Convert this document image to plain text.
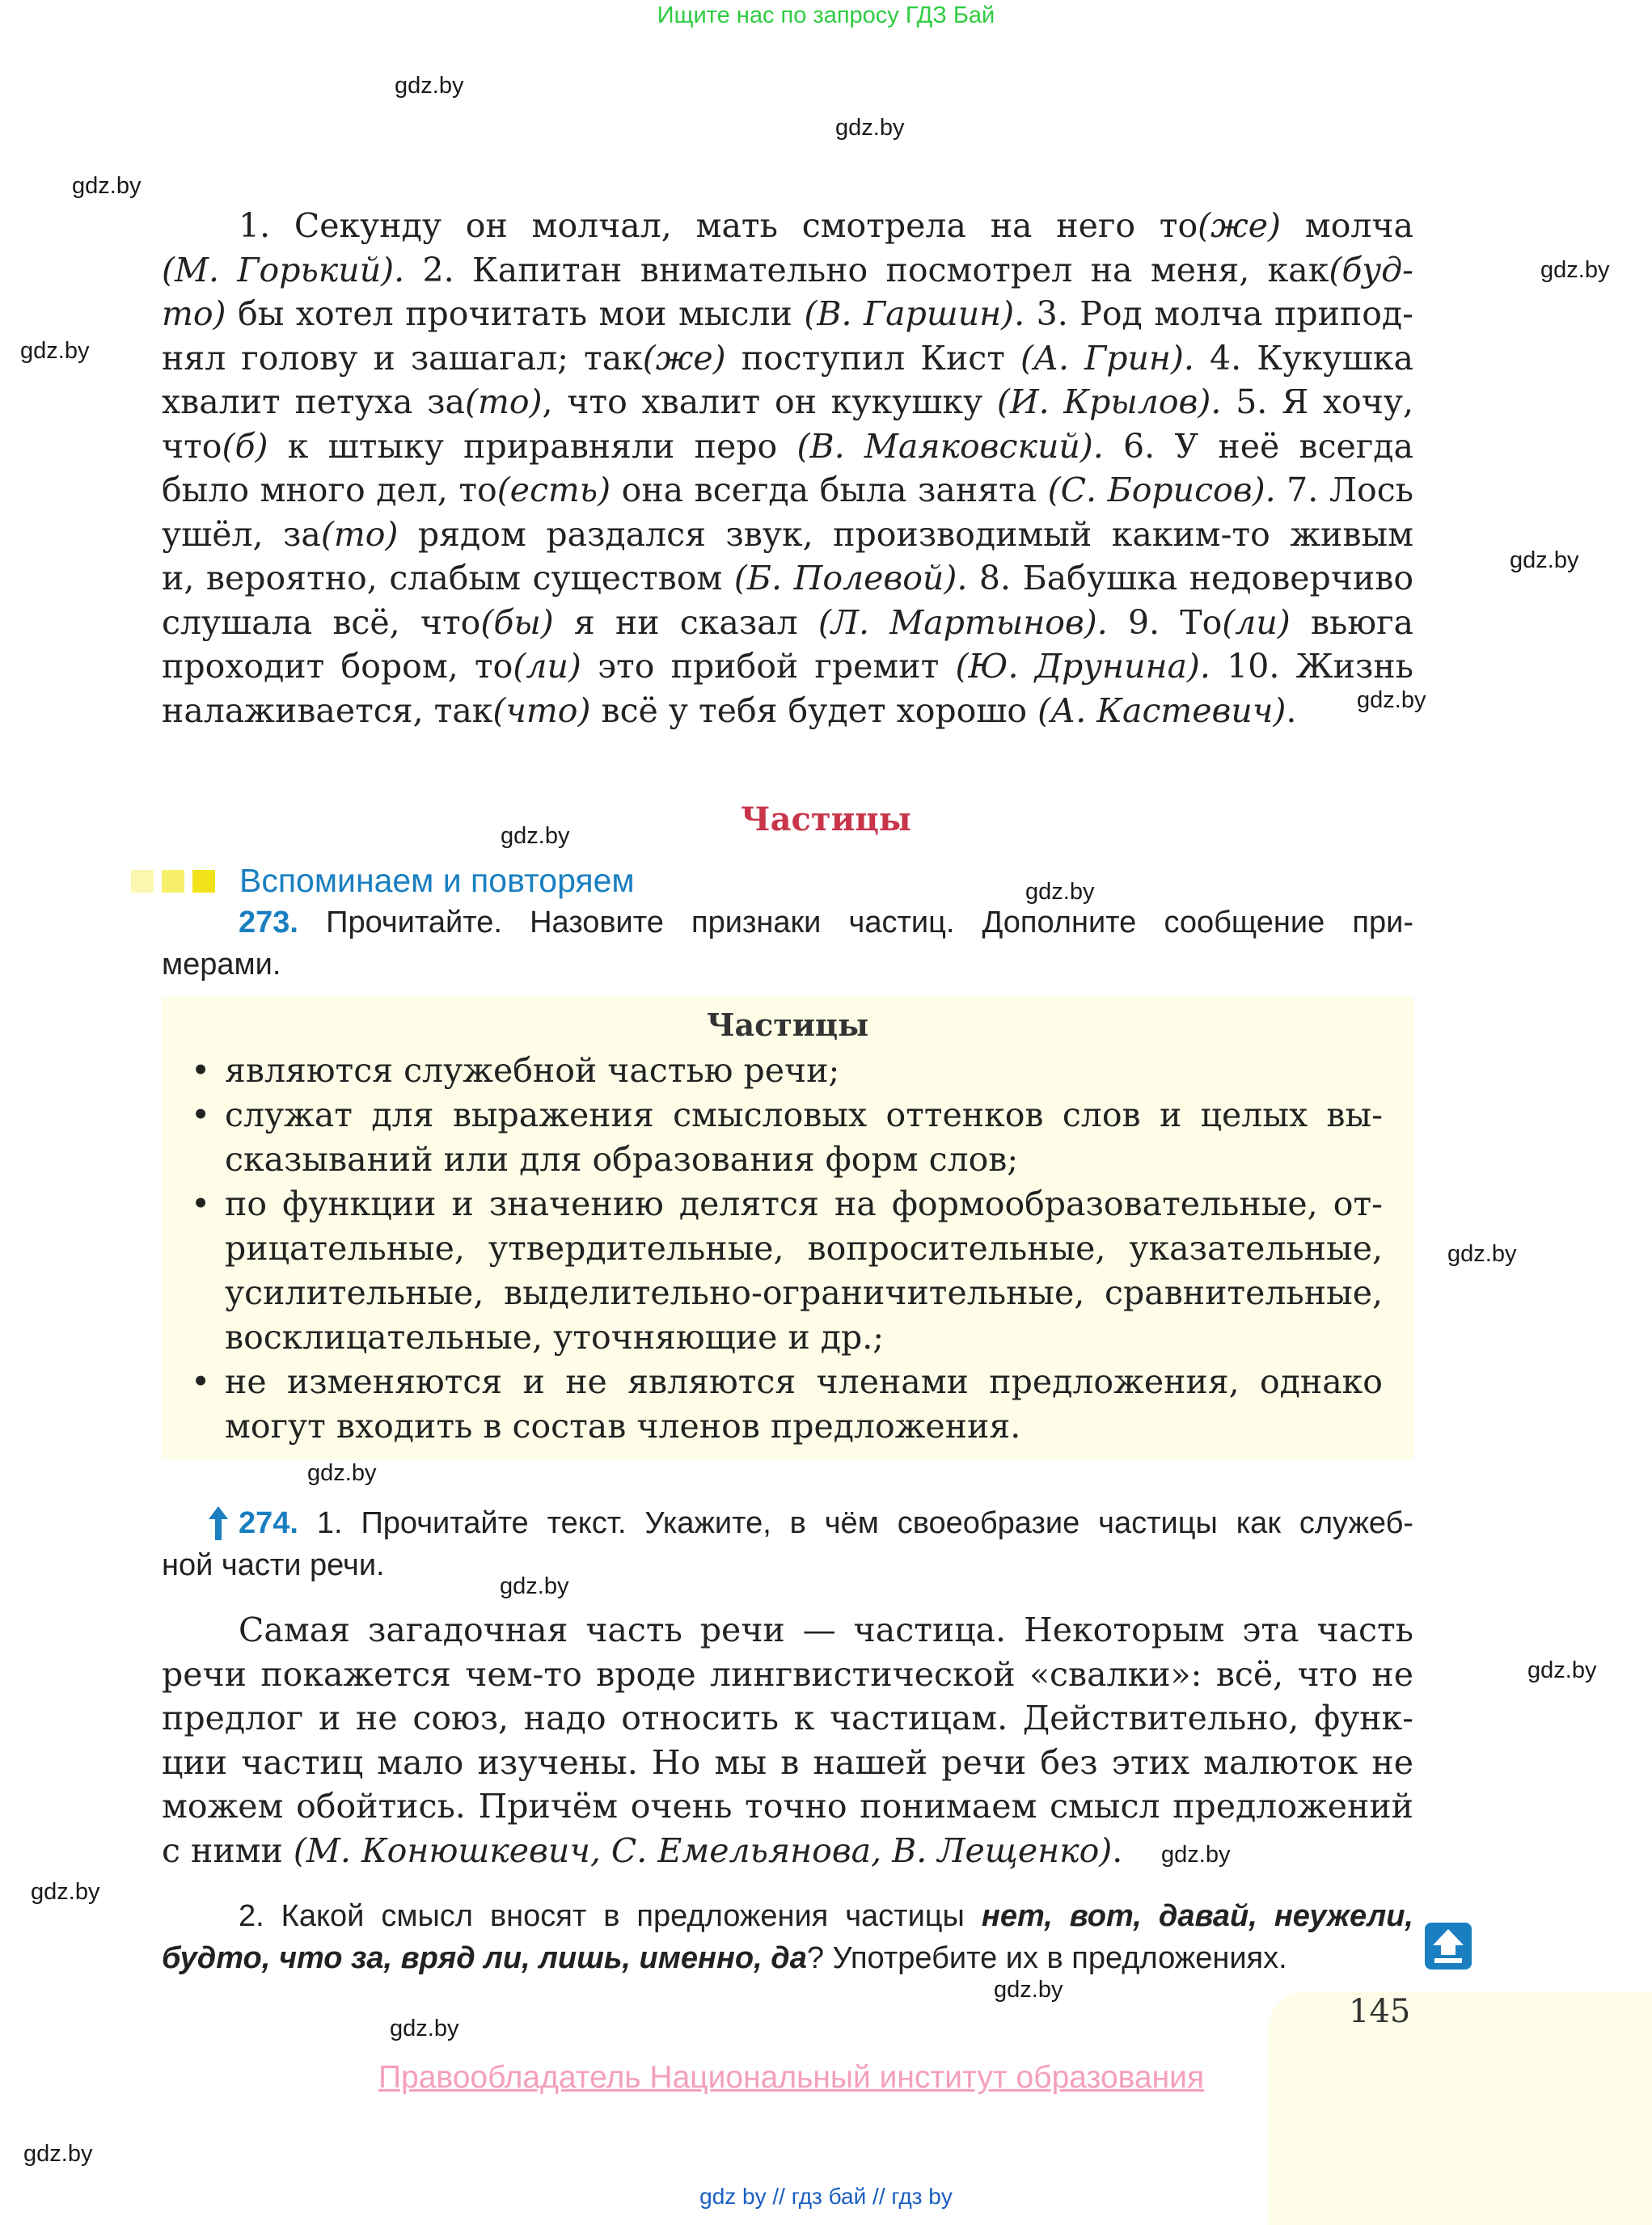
Ищите нас по запросу ГДЗ Бай
gdz.by
gdz.by
gdz.by
gdz.by
gdz.by
gdz.by
gdz.by
gdz.by
gdz.by
gdz.by
gdz.by
gdz.by
gdz.by
gdz.by
gdz.by
gdz.by
gdz.by
gdz.by
1. Секунду он молчал, мать смотрела на него то(же) молча
(М. Горький). 2. Капитан внимательно посмотрел на меня, как(буд-
то) бы хотел прочитать мои мысли (В. Гаршин). 3. Род молча припод-
нял голову и зашагал; так(же) поступил Кист (А. Грин). 4. Кукушка
хвалит петуха за(то), что хвалит он кукушку (И. Крылов). 5. Я хочу,
что(б) к штыку приравняли перо (В. Маяковский). 6. У неё всегда
было много дел, то(есть) она всегда была занята (С. Борисов). 7. Лось
ушёл, за(то) рядом раздался звук, производимый каким-то живым
и, вероятно, слабым существом (Б. Полевой). 8. Бабушка недоверчиво
слушала всё, что(бы) я ни сказал (Л. Мартынов). 9. То(ли) вьюга
проходит бором, то(ли) это прибой гремит (Ю. Друнина). 10. Жизнь
налаживается, так(что) всё у тебя будет хорошо (А. Кастевич).
Частицы
Вспоминаем и повторяем
273. Прочитайте. Назовите признаки частиц. Дополните сообщение при-
мерами.
Частицы
• являются служебной частью речи;
• служат для выражения смысловых оттенков слов и целых вы-
сказываний или для образования форм слов;
• по функции и значению делятся на формообразовательные, от-
рицательные, утвердительные, вопросительные, указательные,
усилительные, выделительно-ограничительные, сравнительные,
восклицательные, уточняющие и др.;
• не изменяются и не являются членами предложения, однако
могут входить в состав членов предложения.
274. 1. Прочитайте текст. Укажите, в чём своеобразие частицы как служеб-
ной части речи.
Самая загадочная часть речи — частица. Некоторым эта часть
речи покажется чем-то вроде лингвистической «свалки»: всё, что не
предлог и не союз, надо относить к частицам. Действительно, функ-
ции частиц мало изучены. Но мы в нашей речи без этих малюток не
можем обойтись. Причём очень точно понимаем смысл предложений
с ними (М. Конюшкевич, С. Емельянова, В. Лещенко).
2. Какой смысл вносят в предложения частицы нет, вот, давай, неужели,
будто, что за, вряд ли, лишь, именно, да? Употребите их в предложениях.
145
Правообладатель Национальный институт образования
gdz by // гдз бай // гдз by
